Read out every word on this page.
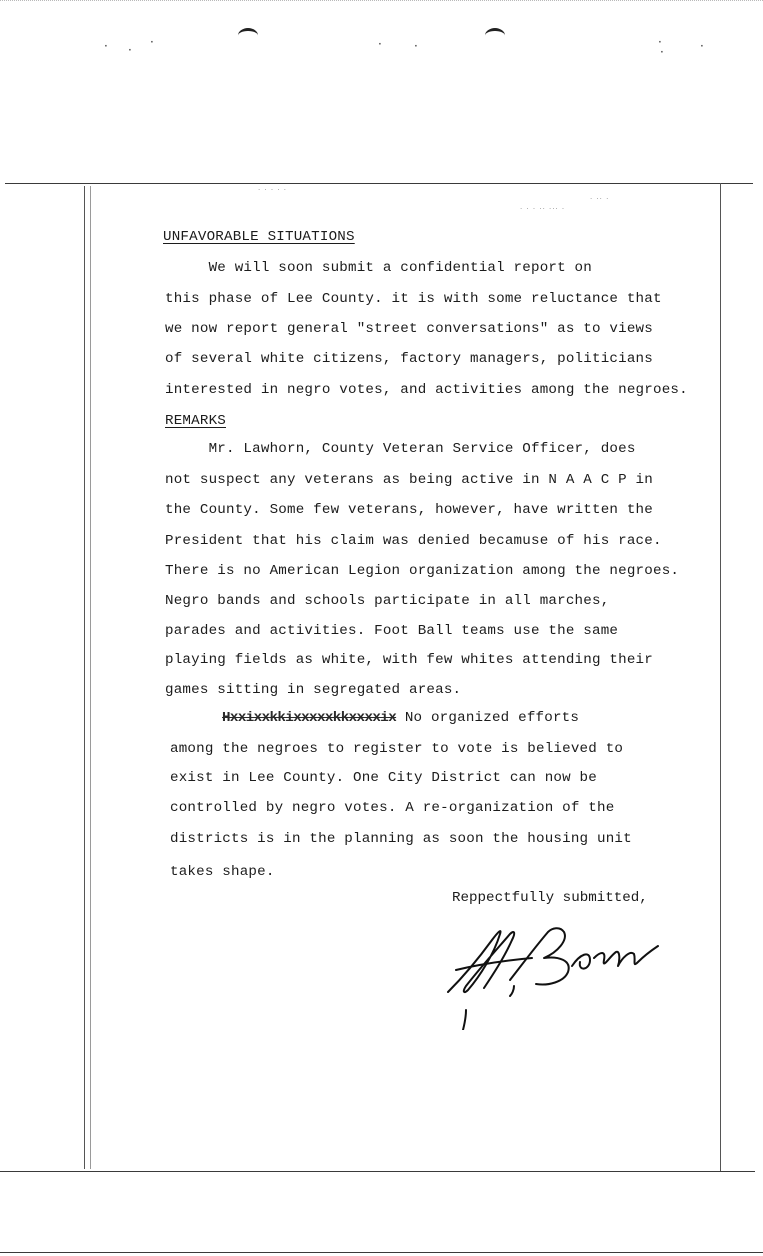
· ·
·	·	·	·
·	·
· · · · ·
· · · ·· ··· ·
· ·· ·
UNFAVORABLE SITUATIONS
We will soon submit a confidential report on
this phase of Lee County. it is with some reluctance that
we now report general "street conversations" as to views
of several white citizens, factory managers, politicians
interested in negro votes, and activities among the negroes.
REMARKS
Mr. Lawhorn, County Veteran Service Officer, does
not suspect any veterans as being active in N A A C P in
the County. Some few veterans, however, have written the
President that his claim was denied becamuse of his race.
There is no American Legion organization among the negroes.
Negro bands and schools participate in all marches,
parades and activities. Foot Ball teams use the same
playing fields as white, with few whites attending their
games sitting in segregated areas.
Hxxixxkkixxxxxkkxxxxix No organized efforts
among the negroes to register to vote is believed to
exist in Lee County. One City District can now be
controlled by negro votes. A re-organization of the
districts is in the planning as soon the housing unit
takes shape.
Reppectfully submitted,
